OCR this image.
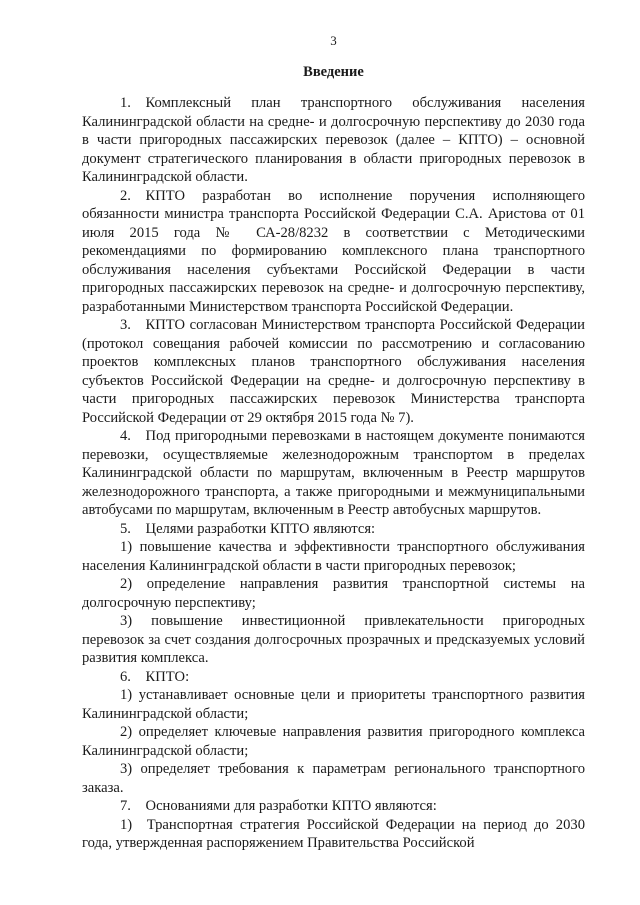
3
Введение

1. Комплексный план транспортного обслуживания населения Калининградской области на средне- и долгосрочную перспективу до 2030 года в части пригородных пассажирских перевозок (далее – КПТО) – основной документ стратегического планирования в области пригородных перевозок в Калининградской области.

2. КПТО разработан во исполнение поручения исполняющего обязанности министра транспорта Российской Федерации С.А. Аристова от 01 июля 2015 года № СА-28/8232 в соответствии с Методическими рекомендациями по формированию комплексного плана транспортного обслуживания населения субъектами Российской Федерации в части пригородных пассажирских перевозок на средне- и долгосрочную перспективу, разработанными Министерством транспорта Российской Федерации.

3. КПТО согласован Министерством транспорта Российской Федерации (протокол совещания рабочей комиссии по рассмотрению и согласованию проектов комплексных планов транспортного обслуживания населения субъектов Российской Федерации на средне- и долгосрочную перспективу в части пригородных пассажирских перевозок Министерства транспорта Российской Федерации от 29 октября 2015 года № 7).

4. Под пригородными перевозками в настоящем документе понимаются перевозки, осуществляемые железнодорожным транспортом в пределах Калининградской области по маршрутам, включенным в Реестр маршрутов железнодорожного транспорта, а также пригородными и межмуниципальными автобусами по маршрутам, включенным в Реестр автобусных маршрутов.

5. Целями разработки КПТО являются:

1) повышение качества и эффективности транспортного обслуживания населения Калининградской области в части пригородных перевозок;

2) определение направления развития транспортной системы на долгосрочную перспективу;

3) повышение инвестиционной привлекательности пригородных перевозок за счет создания долгосрочных прозрачных и предсказуемых условий развития комплекса.

6. КПТО:

1) устанавливает основные цели и приоритеты транспортного развития Калининградской области;

2) определяет ключевые направления развития пригородного комплекса Калининградской области;

3) определяет требования к параметрам регионального транспортного заказа.

7. Основаниями для разработки КПТО являются:

1) Транспортная стратегия Российской Федерации на период до 2030 года, утвержденная распоряжением Правительства Российской
